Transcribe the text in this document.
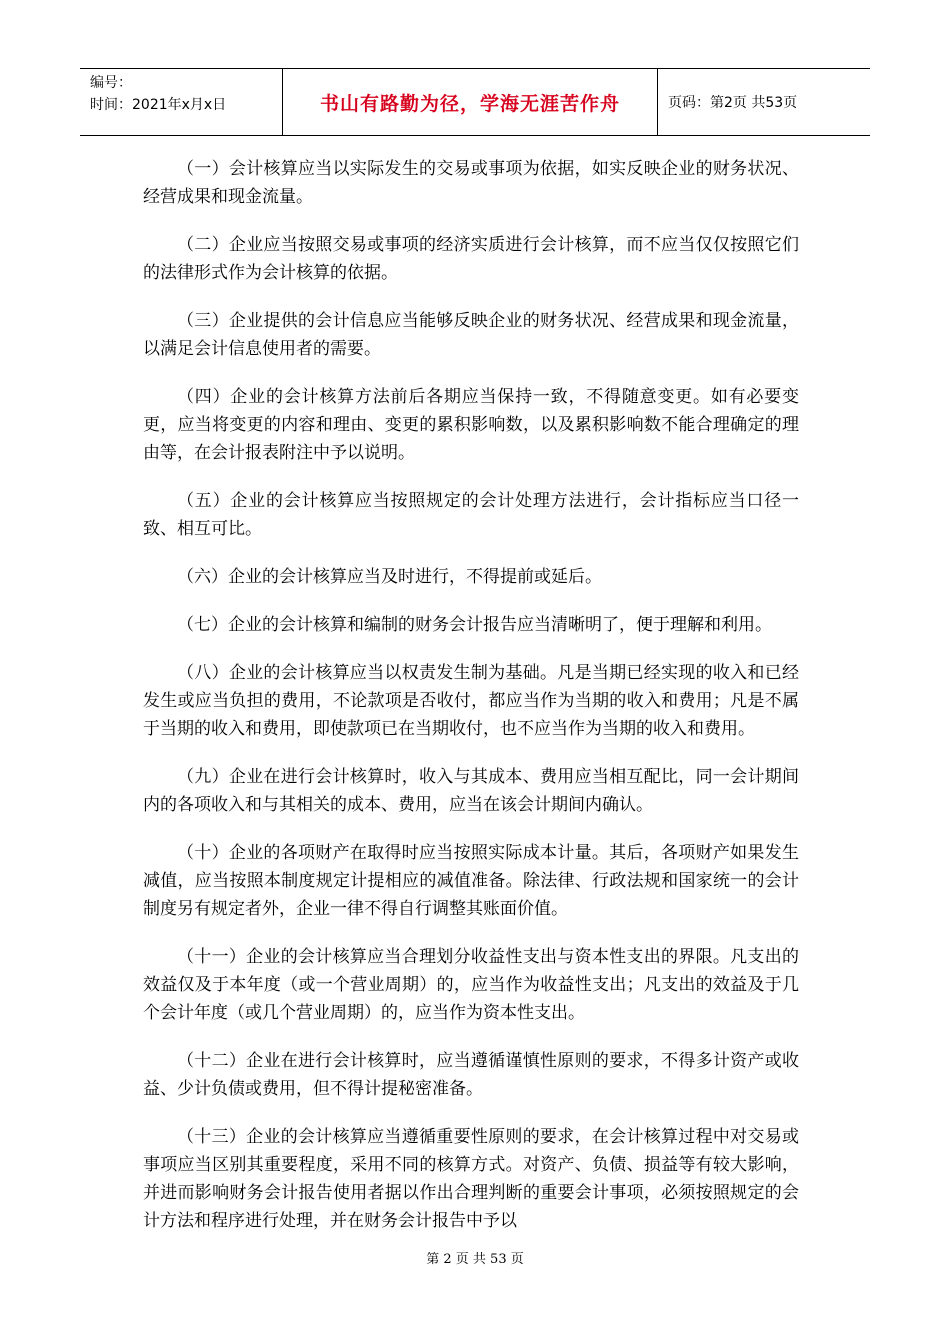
编号：
时间：2021年x月x日	书山有路勤为径，学海无涯苦作舟	页码：第2页 共53页

（一）会计核算应当以实际发生的交易或事项为依据，如实反映企业的财务状况、经营成果和现金流量。

（二）企业应当按照交易或事项的经济实质进行会计核算，而不应当仅仅按照它们的法律形式作为会计核算的依据。

（三）企业提供的会计信息应当能够反映企业的财务状况、经营成果和现金流量，以满足会计信息使用者的需要。

（四）企业的会计核算方法前后各期应当保持一致，不得随意变更。如有必要变更，应当将变更的内容和理由、变更的累积影响数，以及累积影响数不能合理确定的理由等，在会计报表附注中予以说明。

（五）企业的会计核算应当按照规定的会计处理方法进行，会计指标应当口径一致、相互可比。

（六）企业的会计核算应当及时进行，不得提前或延后。

（七）企业的会计核算和编制的财务会计报告应当清晰明了，便于理解和利用。

（八）企业的会计核算应当以权责发生制为基础。凡是当期已经实现的收入和已经发生或应当负担的费用，不论款项是否收付，都应当作为当期的收入和费用；凡是不属于当期的收入和费用，即使款项已在当期收付，也不应当作为当期的收入和费用。

（九）企业在进行会计核算时，收入与其成本、费用应当相互配比，同一会计期间内的各项收入和与其相关的成本、费用，应当在该会计期间内确认。

（十）企业的各项财产在取得时应当按照实际成本计量。其后，各项财产如果发生减值，应当按照本制度规定计提相应的减值准备。除法律、行政法规和国家统一的会计制度另有规定者外，企业一律不得自行调整其账面价值。

（十一）企业的会计核算应当合理划分收益性支出与资本性支出的界限。凡支出的效益仅及于本年度（或一个营业周期）的，应当作为收益性支出；凡支出的效益及于几个会计年度（或几个营业周期）的，应当作为资本性支出。

（十二）企业在进行会计核算时，应当遵循谨慎性原则的要求，不得多计资产或收益、少计负债或费用，但不得计提秘密准备。

（十三）企业的会计核算应当遵循重要性原则的要求，在会计核算过程中对交易或事项应当区别其重要程度，采用不同的核算方式。对资产、负债、损益等有较大影响，并进而影响财务会计报告使用者据以作出合理判断的重要会计事项，必须按照规定的会计方法和程序进行处理，并在财务会计报告中予以

第 2 页 共 53 页
